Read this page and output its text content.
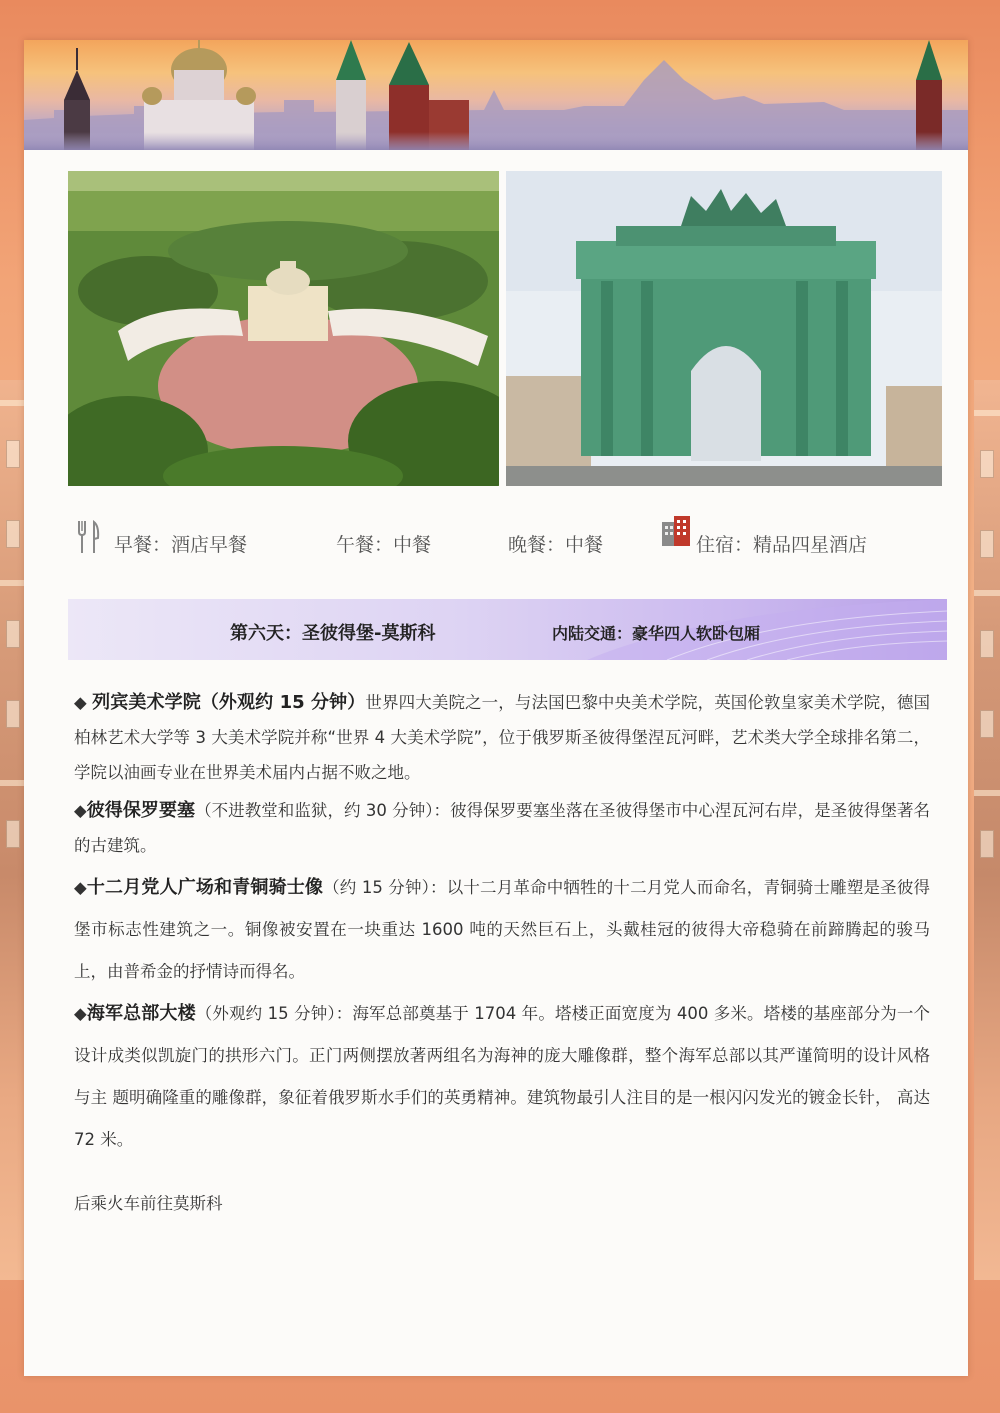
早餐：酒店早餐	午餐：中餐	晚餐：中餐	住宿：精品四星酒店
第六天：圣彼得堡-莫斯科	内陆交通：豪华四人软卧包厢
◆ 列宾美术学院（外观约 15 分钟）世界四大美院之一，与法国巴黎中央美术学院，英国伦敦皇家美术学院，德国柏林艺术大学等 3 大美术学院并称“世界 4 大美术学院”，位于俄罗斯圣彼得堡涅瓦河畔，艺术类大学全球排名第二，学院以油画专业在世界美术届内占据不败之地。
◆彼得保罗要塞（不进教堂和监狱，约 30 分钟）：彼得保罗要塞坐落在圣彼得堡市中心涅瓦河右岸，是圣彼得堡著名的古建筑。
◆十二月党人广场和青铜骑士像（约 15 分钟）：以十二月革命中牺牲的十二月党人而命名，青铜骑士雕塑是圣彼得堡市标志性建筑之一。铜像被安置在一块重达 1600 吨的天然巨石上，头戴桂冠的彼得大帝稳骑在前蹄腾起的骏马上，由普希金的抒情诗而得名。
◆海军总部大楼（外观约 15 分钟）：海军总部奠基于 1704 年。塔楼正面宽度为 400 多米。塔楼的基座部分为一个设计成类似凯旋门的拱形六门。正门两侧摆放著两组名为海神的庞大雕像群，整个海军总部以其严谨简明的设计风格与主 题明确隆重的雕像群，象征着俄罗斯水手们的英勇精神。建筑物最引人注目的是一根闪闪发光的镀金长针， 高达 72 米。
后乘火车前往莫斯科
